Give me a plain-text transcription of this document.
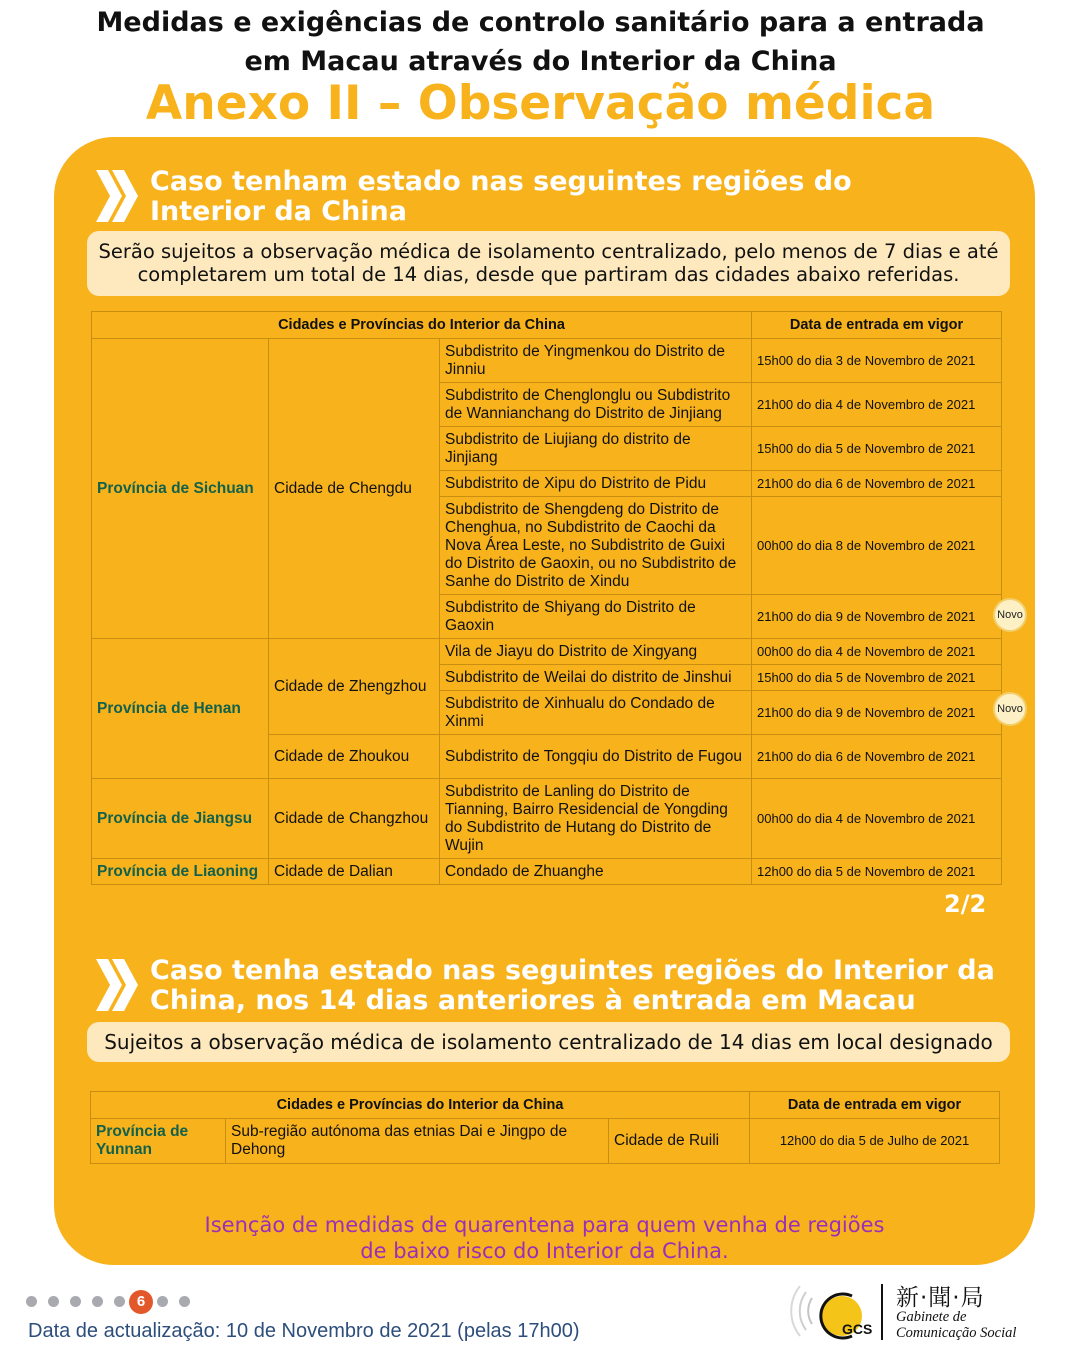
Medidas e exigências de controlo sanitário para a entrada
em Macau através do Interior da China
Anexo II – Observação médica
Caso tenham estado nas seguintes regiões do
Interior da China
Serão sujeitos a observação médica de isolamento centralizado, pelo menos de 7 dias e até
completarem um total de 14 dias, desde que partiram das cidades abaixo referidas.
Cidades e Províncias do Interior da China			Data de entrada em vigor
Província de Sichuan	Cidade de Chengdu	Subdistrito de Yingmenkou do Distrito de Jinniu	15h00 do dia 3 de Novembro de 2021
		Subdistrito de Chenglonglu ou Subdistrito de Wannianchang do Distrito de Jinjiang	21h00 do dia 4 de Novembro de 2021
		Subdistrito de Liujiang do distrito de Jinjiang	15h00 do dia 5 de Novembro de 2021
		Subdistrito de Xipu do Distrito de Pidu	21h00 do dia 6 de Novembro de 2021
		Subdistrito de Shengdeng do Distrito de Chenghua, no Subdistrito de Caochi da Nova Área Leste, no Subdistrito de Guixi do Distrito de Gaoxin, ou no Subdistrito de Sanhe do Distrito de Xindu	00h00 do dia 8 de Novembro de 2021
		Subdistrito de Shiyang do Distrito de Gaoxin	21h00 do dia 9 de Novembro de 2021
Província de Henan	Cidade de Zhengzhou	Vila de Jiayu do Distrito de Xingyang	00h00 do dia 4 de Novembro de 2021
		Subdistrito de Weilai do distrito de Jinshui	15h00 do dia 5 de Novembro de 2021
		Subdistrito de Xinhualu do Condado de Xinmi	21h00 do dia 9 de Novembro de 2021
	Cidade de Zhoukou	Subdistrito de Tongqiu do Distrito de Fugou	21h00 do dia 6 de Novembro de 2021
Província de Jiangsu	Cidade de Changzhou	Subdistrito de Lanling do Distrito de Tianning, Bairro Residencial de Yongding do Subdistrito de Hutang do Distrito de Wujin	00h00 do dia 4 de Novembro de 2021
Província de Liaoning	Cidade de Dalian	Condado de Zhuanghe	12h00 do dia 5 de Novembro de 2021
Novo
Novo
2/2
Caso tenha estado nas seguintes regiões do Interior da
China, nos 14 dias anteriores à entrada em Macau
Sujeitos a observação médica de isolamento centralizado de 14 dias em local designado
Cidades e Províncias do Interior da China			Data de entrada em vigor
Província de Yunnan	Sub-região autónoma das etnias Dai e Jingpo de Dehong	Cidade de Ruili	12h00 do dia 5 de Julho de 2021
Isenção de medidas de quarentena para quem venha de regiões
de baixo risco do Interior da China.
6
Data de actualização: 10 de Novembro de 2021 (pelas 17h00)	GCS
新·聞·局
Gabinete de
Comunicação Social
